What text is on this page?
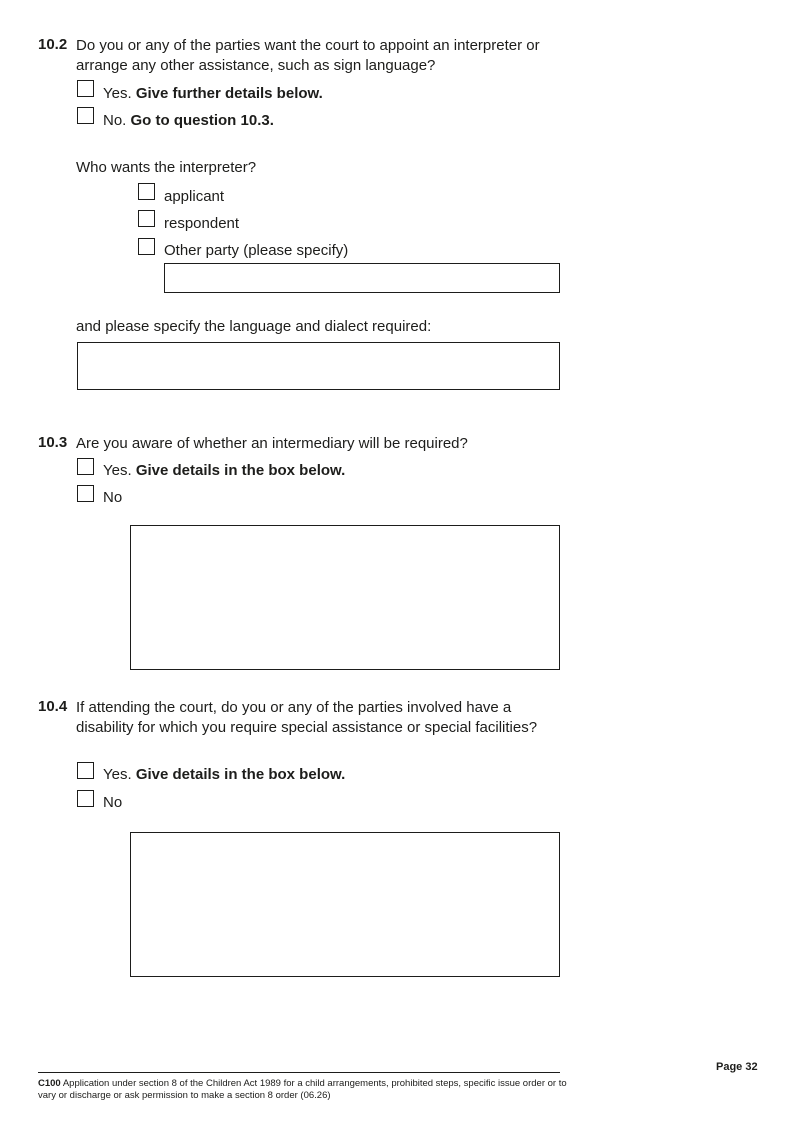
10.2 Do you or any of the parties want the court to appoint an interpreter or arrange any other assistance, such as sign language?
Yes. Give further details below.
No. Go to question 10.3.
Who wants the interpreter?
applicant
respondent
Other party (please specify)
and please specify the language and dialect required:
10.3 Are you aware of whether an intermediary will be required?
Yes. Give details in the box below.
No
10.4 If attending the court, do you or any of the parties involved have a disability for which you require special assistance or special facilities?
Yes. Give details in the box below.
No
Page 32
C100 Application under section 8 of the Children Act 1989 for a child arrangements, prohibited steps, specific issue order or to vary or discharge or ask permission to make a section 8 order (06.26)
